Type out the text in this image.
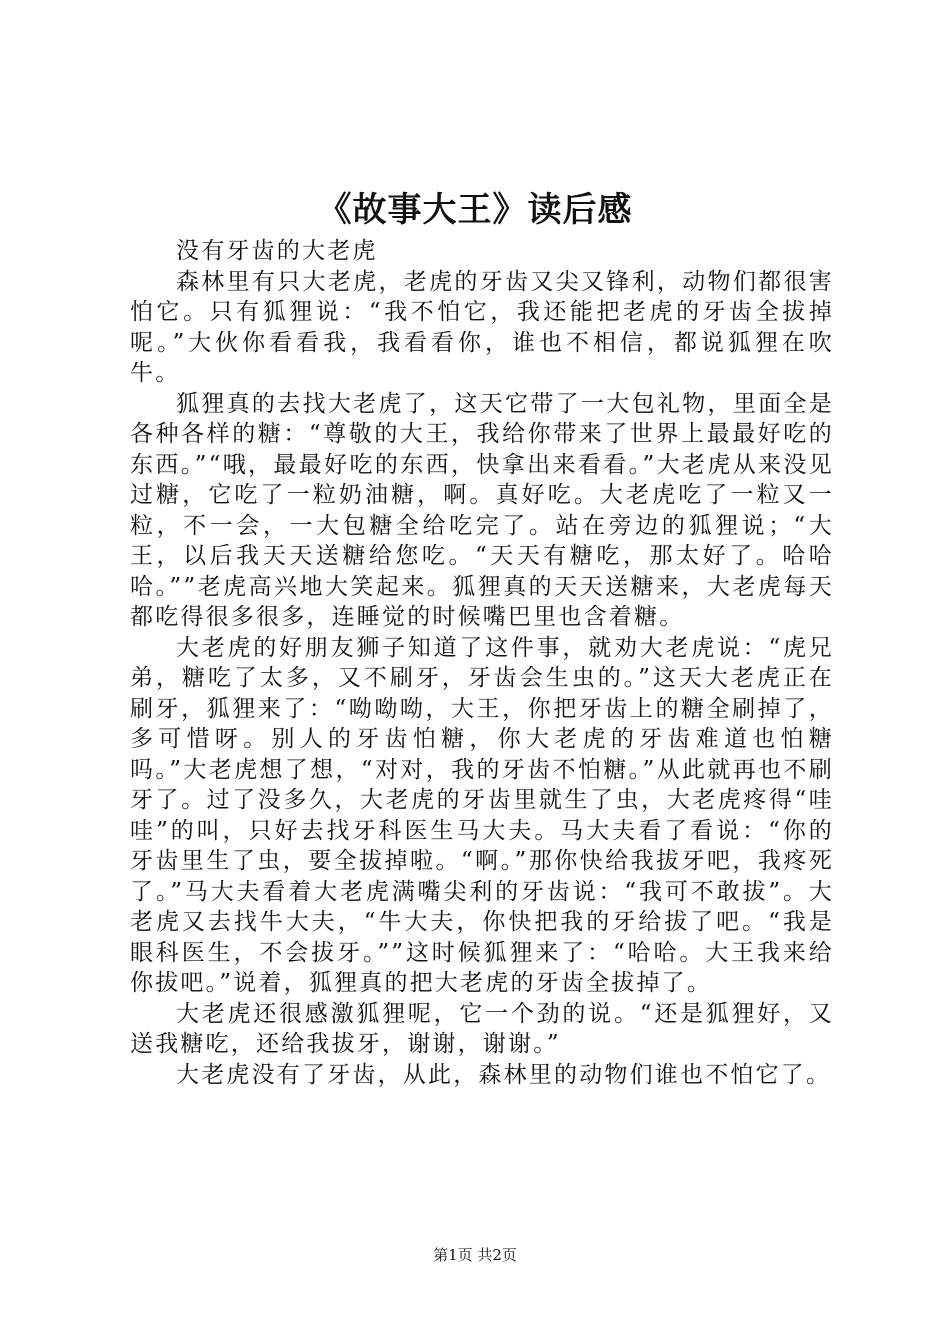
《故事大王》读后感

没有牙齿的大老虎

森林里有只大老虎，老虎的牙齿又尖又锋利，动物们都很害怕它。只有狐狸说：“我不怕它，我还能把老虎的牙齿全拔掉呢。”大伙你看看我，我看看你，谁也不相信，都说狐狸在吹牛。

狐狸真的去找大老虎了，这天它带了一大包礼物，里面全是各种各样的糖：“尊敬的大王，我给你带来了世界上最最好吃的东西。”“哦，最最好吃的东西，快拿出来看看。”大老虎从来没见过糖，它吃了一粒奶油糖，啊。真好吃。大老虎吃了一粒又一粒，不一会，一大包糖全给吃完了。站在旁边的狐狸说；“大王，以后我天天送糖给您吃。“天天有糖吃，那太好了。哈哈哈。””老虎高兴地大笑起来。狐狸真的天天送糖来，大老虎每天都吃得很多很多，连睡觉的时候嘴巴里也含着糖。

大老虎的好朋友狮子知道了这件事，就劝大老虎说：“虎兄弟，糖吃了太多，又不刷牙，牙齿会生虫的。”这天大老虎正在刷牙，狐狸来了：“呦呦呦，大王，你把牙齿上的糖全刷掉了，多可惜呀。别人的牙齿怕糖，你大老虎的牙齿难道也怕糖吗。”大老虎想了想，“对对，我的牙齿不怕糖。”从此就再也不刷牙了。过了没多久，大老虎的牙齿里就生了虫，大老虎疼得“哇哇”的叫，只好去找牙科医生马大夫。马大夫看了看说：“你的牙齿里生了虫，要全拔掉啦。“啊。”那你快给我拔牙吧，我疼死了。”马大夫看着大老虎满嘴尖利的牙齿说：“我可不敢拔”。大老虎又去找牛大夫，“牛大夫，你快把我的牙给拔了吧。“我是眼科医生，不会拔牙。””这时候狐狸来了：“哈哈。大王我来给你拔吧。”说着，狐狸真的把大老虎的牙齿全拔掉了。

大老虎还很感激狐狸呢，它一个劲的说。“还是狐狸好，又送我糖吃，还给我拔牙，谢谢，谢谢。”

大老虎没有了牙齿，从此，森林里的动物们谁也不怕它了。

第1页 共2页
